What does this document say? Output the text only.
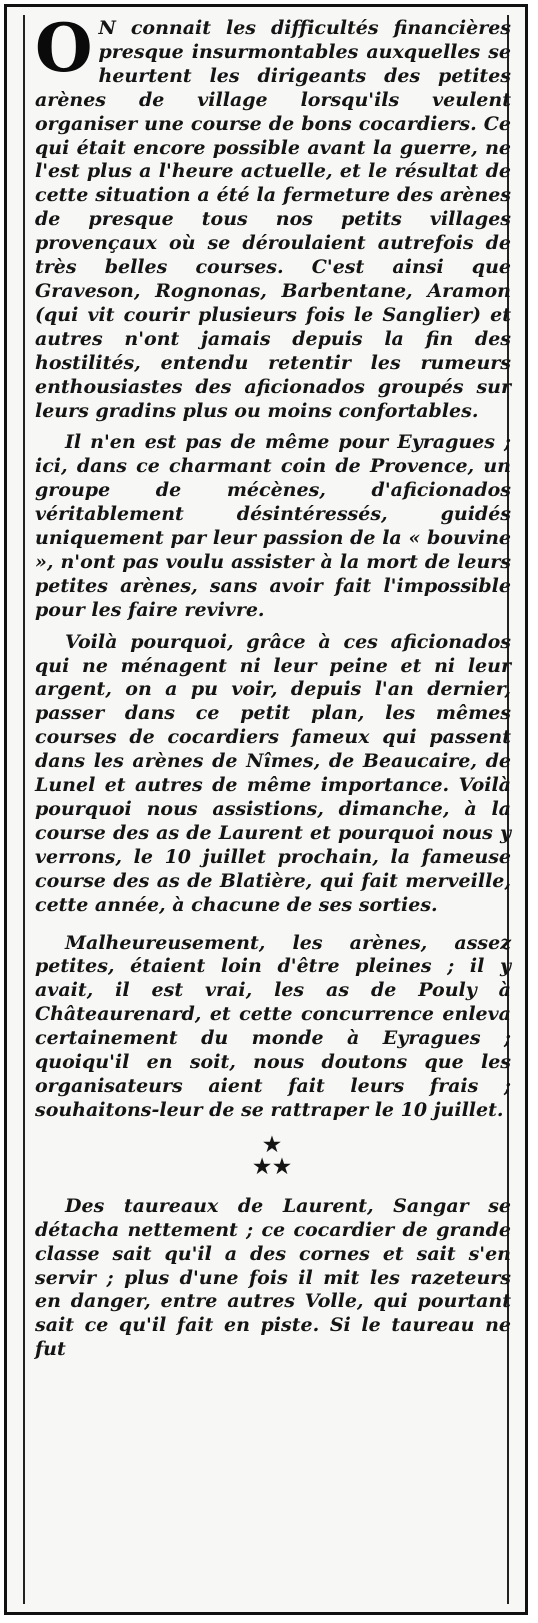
O N connait les difficultés financières presque insurmontables auxquelles se heurtent les dirigeants des petites arènes de village lorsqu'ils veulent organiser une course de bons cocardiers. Ce qui était encore possible avant la guerre, ne l'est plus a l'heure actuelle, et le résultat de cette situation a été la fermeture des arènes de presque tous nos petits villages provençaux où se déroulaient autrefois de très belles courses. C'est ainsi que Graveson, Rognonas, Barbentane, Aramon (qui vit courir plusieurs fois le Sanglier) et autres n'ont jamais depuis la fin des hostilités, entendu retentir les rumeurs enthousiastes des aficionados groupés sur leurs gradins plus ou moins confortables.

Il n'en est pas de même pour Eyragues ; ici, dans ce charmant coin de Provence, un groupe de mécènes, d'aficionados véritablement désintéressés, guidés uniquement par leur passion de la « bouvine », n'ont pas voulu assister à la mort de leurs petites arènes, sans avoir fait l'impossible pour les faire revivre.

Voilà pourquoi, grâce à ces aficionados qui ne ménagent ni leur peine et ni leur argent, on a pu voir, depuis l'an dernier, passer dans ce petit plan, les mêmes courses de cocardiers fameux qui passent dans les arènes de Nîmes, de Beaucaire, de Lunel et autres de même importance. Voilà pourquoi nous assistions, dimanche, à la course des as de Laurent et pourquoi nous y verrons, le 10 juillet prochain, la fameuse course des as de Blatière, qui fait merveille, cette année, à chacune de ses sorties.

Malheureusement, les arènes, assez petites, étaient loin d'être pleines ; il y avait, il est vrai, les as de Pouly à Châteaurenard, et cette concurrence enleva certainement du monde à Eyragues ; quoiqu'il en soit, nous doutons que les organisateurs aient fait leurs frais ; souhaitons-leur de se rattraper le 10 juillet.

★
★★

Des taureaux de Laurent, Sangar se détacha nettement ; ce cocardier de grande classe sait qu'il a des cornes et sait s'en servir ; plus d'une fois il mit les razeteurs en danger, entre autres Volle, qui pourtant sait ce qu'il fait en piste. Si le taureau ne fut
